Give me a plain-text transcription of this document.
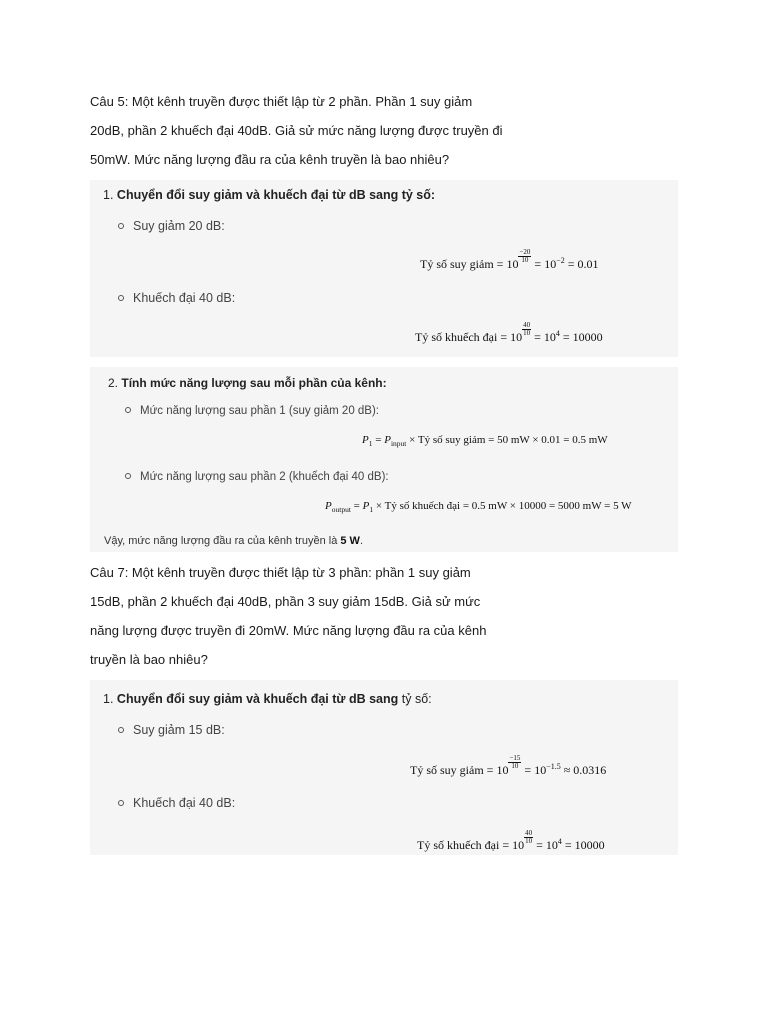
Câu 5: Một kênh truyền được thiết lập từ 2 phần. Phần 1 suy giảm
20dB, phần 2 khuếch đại 40dB. Giả sử mức năng lượng được truyền đi
50mW. Mức năng lượng đầu ra của kênh truyền là bao nhiêu?
1. Chuyển đổi suy giảm và khuếch đại từ dB sang tỷ số:
Suy giảm 20 dB:
Tỷ số suy giảm = $10 \frac{-20}{10} = 10^{-2} = 0.01$
Khuếch đại 40 dB:
Tỷ số khuếch đại = $10 \frac{40}{10} = 10^4 = 10000$
2. Tính mức năng lượng sau mỗi phần của kênh:
Mức năng lượng sau phần 1 (suy giảm 20 dB):
$P_1 = P_{input}$ × Tỷ số suy giảm = 50 mW × 0.01 = 0.5 mW
Mức năng lượng sau phần 2 (khuếch đại 40 dB):
$P_{output} = P_1$ × Tỷ số khuếch đại = 0.5 mW × 10000 = 5000 mW = 5 W
Vậy, mức năng lượng đầu ra của kênh truyền là 5 W.
Câu 7: Một kênh truyền được thiết lập từ 3 phần: phần 1 suy giảm
15dB, phần 2 khuếch đại 40dB, phần 3 suy giảm 15dB. Giả sử mức
năng lượng được truyền đi 20mW. Mức năng lượng đầu ra của kênh
truyền là bao nhiêu?
1. Chuyển đổi suy giảm và khuếch đại từ dB sang tỷ số:
Suy giảm 15 dB:
Tỷ số suy giảm = $10 \frac{-15}{10} = 10^{-1.5} \approx 0.0316$
Khuếch đại 40 dB:
Tỷ số khuếch đại = $10 \frac{40}{10} = 10^4 = 10000$
